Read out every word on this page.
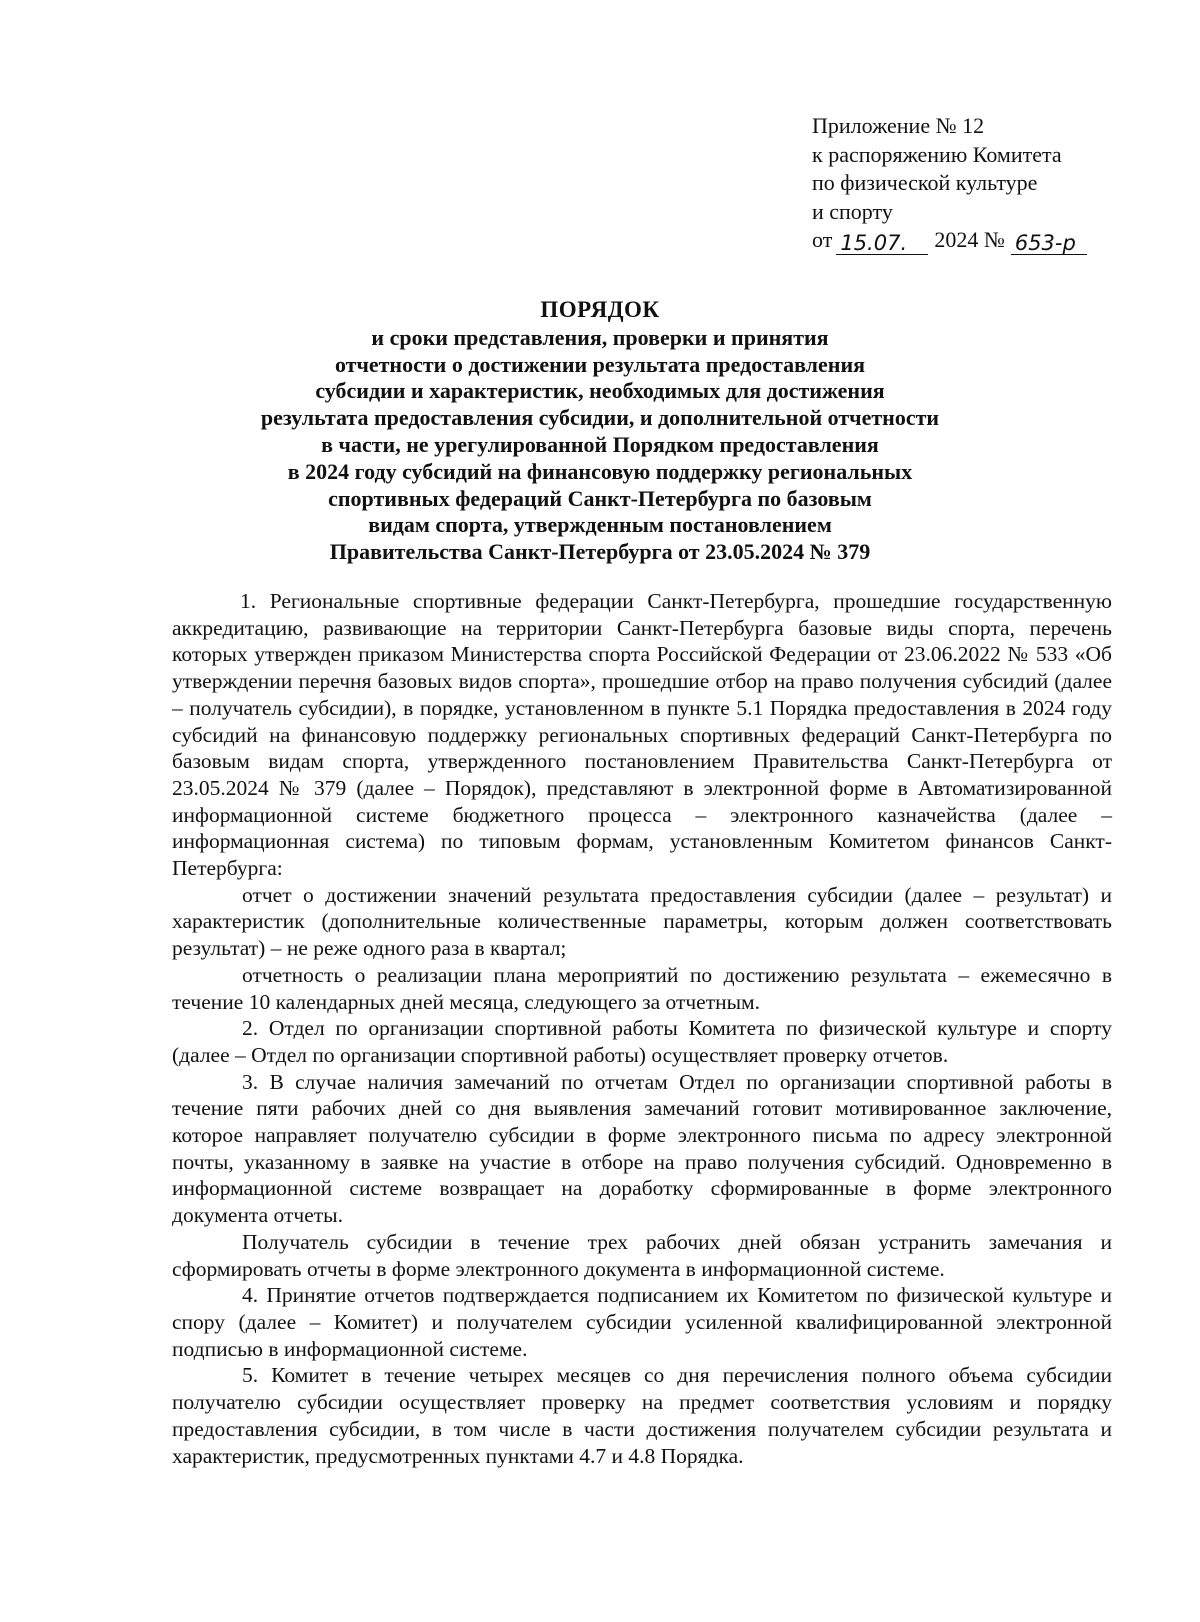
Приложение № 12
к распоряжению Комитета
по физической культуре
и спорту
от 15.07.	2024 № 653-р
ПОРЯДОК
и сроки представления, проверки и принятия
отчетности о достижении результата предоставления
субсидии и характеристик, необходимых для достижения
результата предоставления субсидии, и дополнительной отчетности
в части, не урегулированной Порядком предоставления
в 2024 году субсидий на финансовую поддержку региональных
спортивных федераций Санкт-Петербурга по базовым
видам спорта, утвержденным постановлением
Правительства Санкт-Петербурга от 23.05.2024 № 379

1. Региональные спортивные федерации Санкт-Петербурга, прошедшие государственную аккредитацию, развивающие на территории Санкт-Петербурга базовые виды спорта, перечень которых утвержден приказом Министерства спорта Российской Федерации от 23.06.2022 № 533 «Об утверждении перечня базовых видов спорта», прошедшие отбор на право получения субсидий (далее – получатель субсидии), в порядке, установленном в пункте 5.1 Порядка предоставления в 2024 году субсидий на финансовую поддержку региональных спортивных федераций Санкт-Петербурга по базовым видам спорта, утвержденного постановлением Правительства Санкт-Петербурга от 23.05.2024 № 379 (далее – Порядок), представляют в электронной форме в Автоматизированной информационной системе бюджетного процесса – электронного казначейства (далее – информационная система) по типовым формам, установленным Комитетом финансов Санкт-Петербурга:

отчет о достижении значений результата предоставления субсидии (далее – результат) и характеристик (дополнительные количественные параметры, которым должен соответствовать результат) – не реже одного раза в квартал;

отчетность о реализации плана мероприятий по достижению результата – ежемесячно в течение 10 календарных дней месяца, следующего за отчетным.

2. Отдел по организации спортивной работы Комитета по физической культуре и спорту (далее – Отдел по организации спортивной работы) осуществляет проверку отчетов.

3. В случае наличия замечаний по отчетам Отдел по организации спортивной работы в течение пяти рабочих дней со дня выявления замечаний готовит мотивированное заключение, которое направляет получателю субсидии в форме электронного письма по адресу электронной почты, указанному в заявке на участие в отборе на право получения субсидий. Одновременно в информационной системе возвращает на доработку сформированные в форме электронного документа отчеты.

Получатель субсидии в течение трех рабочих дней обязан устранить замечания и сформировать отчеты в форме электронного документа в информационной системе.

4. Принятие отчетов подтверждается подписанием их Комитетом по физической культуре и спору (далее – Комитет) и получателем субсидии усиленной квалифицированной электронной подписью в информационной системе.

5. Комитет в течение четырех месяцев со дня перечисления полного объема субсидии получателю субсидии осуществляет проверку на предмет соответствия условиям и порядку предоставления субсидии, в том числе в части достижения получателем субсидии результата и характеристик, предусмотренных пунктами 4.7 и 4.8 Порядка.
